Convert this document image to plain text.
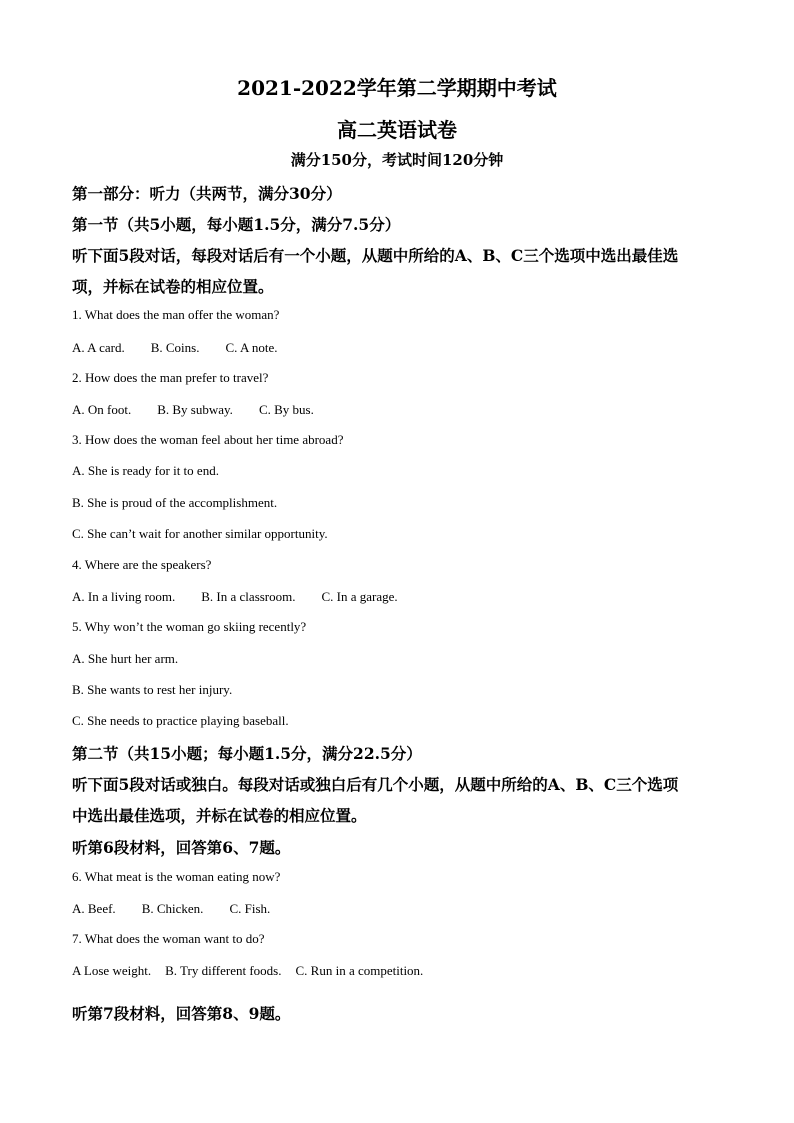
2021-2022学年第二学期期中考试
高二英语试卷
满分150分，考试时间120分钟
第一部分：听力（共两节，满分30分）
第一节（共5小题，每小题1.5分，满分7.5分）
听下面5段对话，每段对话后有一个小题，从题中所给的A、B、C三个选项中选出最佳选
项，并标在试卷的相应位置。
1. What does the man offer the woman?
A. A card. B. Coins. C. A note.
2. How does the man prefer to travel?
A. On foot. B. By subway. C. By bus.
3. How does the woman feel about her time abroad?
A. She is ready for it to end.
B. She is proud of the accomplishment.
C. She can’t wait for another similar opportunity.
4. Where are the speakers?
A. In a living room. B. In a classroom. C. In a garage.
5. Why won’t the woman go skiing recently?
A. She hurt her arm.
B. She wants to rest her injury.
C. She needs to practice playing baseball.
第二节（共15小题；每小题1.5分，满分22.5分）
听下面5段对话或独白。每段对话或独白后有几个小题，从题中所给的A、B、C三个选项
中选出最佳选项，并标在试卷的相应位置。
听第6段材料，回答第6、7题。
6. What meat is the woman eating now?
A. Beef. B. Chicken. C. Fish.
7. What does the woman want to do?
A Lose weight. B. Try different foods. C. Run in a competition.
听第7段材料，回答第8、9题。
